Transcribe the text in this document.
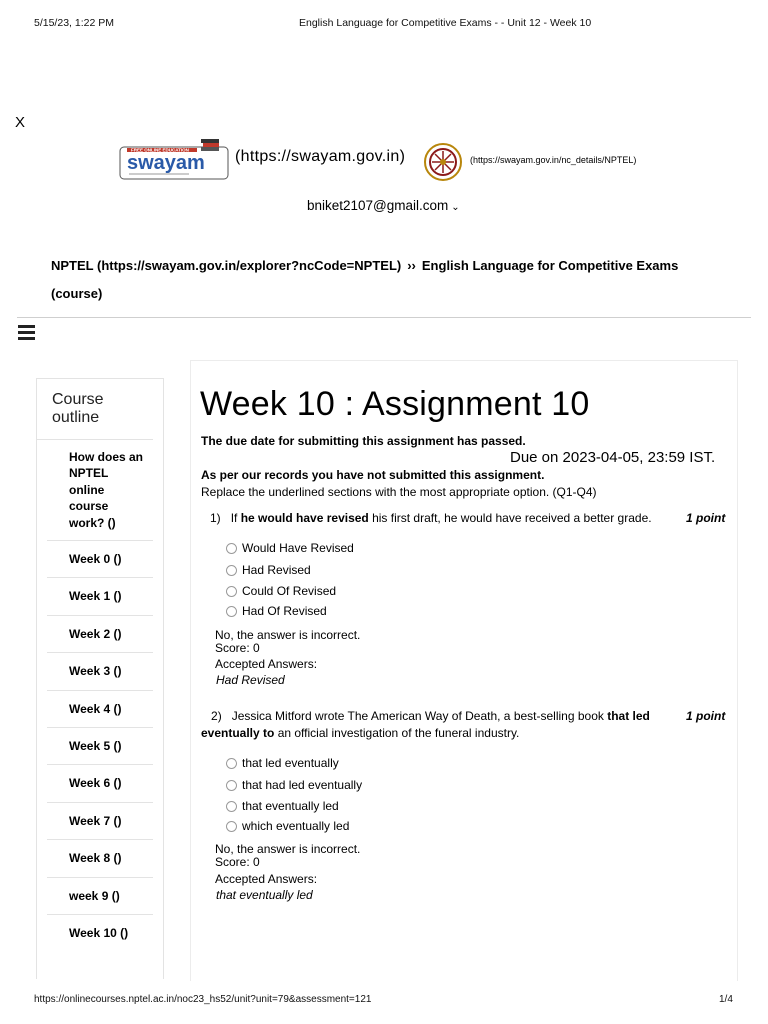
5/15/23, 1:22 PM	English Language for Competitive Exams - - Unit 12 - Week 10
X
FREE ONLINE EDUCATION
swayam (https://swayam.gov.in)	(https://swayam.gov.in/nc_details/NPTEL)
bniket2107@gmail.com ⌄
NPTEL (https://swayam.gov.in/explorer?ncCode=NPTEL) ›› English Language for Competitive Exams
(course)
Course outline
How does an NPTEL online course work? ()
Week 0 ()
Week 1 ()
Week 2 ()
Week 3 ()
Week 4 ()
Week 5 ()
Week 6 ()
Week 7 ()
Week 8 ()
week 9 ()
Week 10 ()
Week 10 : Assignment 10
The due date for submitting this assignment has passed.
Due on 2023-04-05, 23:59 IST.
As per our records you have not submitted this assignment.
Replace the underlined sections with the most appropriate option. (Q1-Q4)
1) If he would have revised his first draft, he would have received a better grade.	1 point
Would Have Revised
Had Revised
Could Of Revised
Had Of Revised
No, the answer is incorrect.
Score: 0
Accepted Answers:
Had Revised
2) Jessica Mitford wrote The American Way of Death, a best-selling book that led eventually to an official investigation of the funeral industry.
1 point
that led eventually
that had led eventually
that eventually led
which eventually led
No, the answer is incorrect.
Score: 0
Accepted Answers:
that eventually led
https://onlinecourses.nptel.ac.in/noc23_hs52/unit?unit=79&assessment=121	1/4
